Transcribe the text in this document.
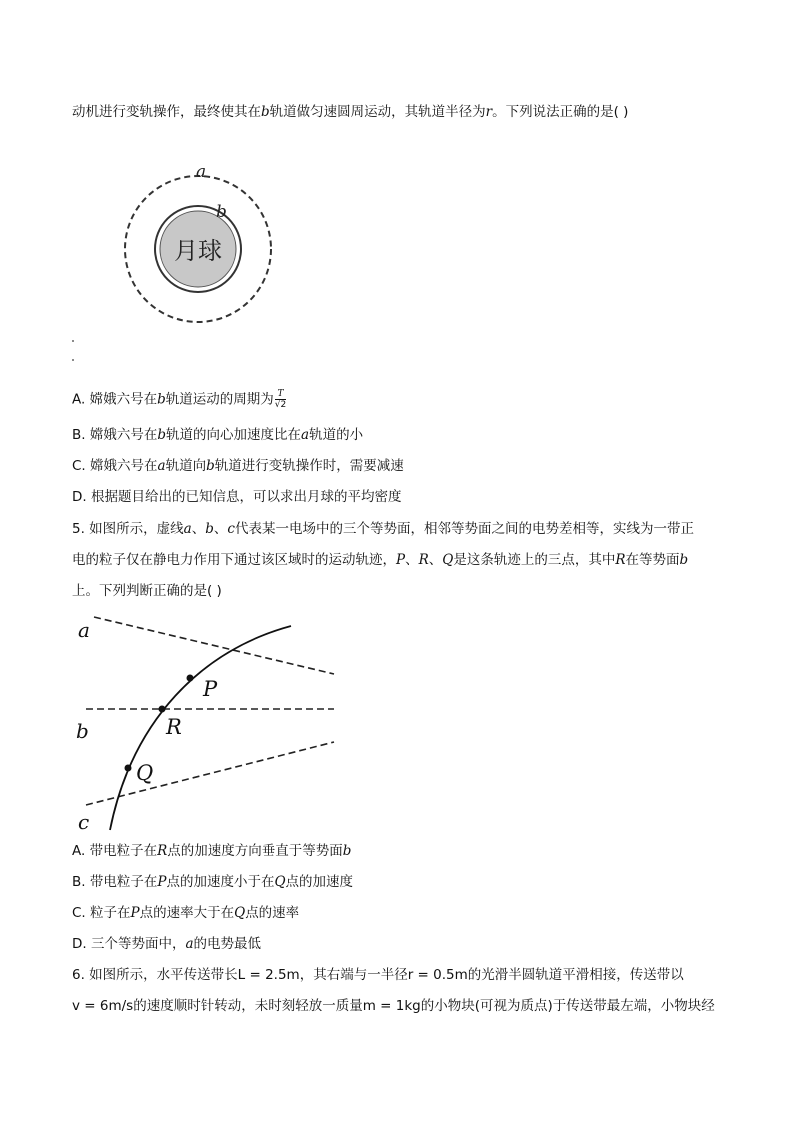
动机进行变轨操作，最终使其在b轨道做匀速圆周运动，其轨道半径为r。下列说法正确的是( )
月球
a
b
A. 嫦娥六号在b轨道运动的周期为 $\frac{T}{√2}$
B. 嫦娥六号在b轨道的向心加速度比在a轨道的小
C. 嫦娥六号在a轨道向b轨道进行变轨操作时，需要减速
D. 根据题目给出的已知信息，可以求出月球的平均密度
5. 如图所示，虚线a、b、c代表某一电场中的三个等势面，相邻等势面之间的电势差相等，实线为一带正
电的粒子仅在静电力作用下通过该区域时的运动轨迹，P、R、Q是这条轨迹上的三点，其中R在等势面b
上。下列判断正确的是( )
a
b
c
P
R
Q
A. 带电粒子在R点的加速度方向垂直于等势面b
B. 带电粒子在P点的加速度小于在Q点的加速度
C. 粒子在P点的速率大于在Q点的速率
D. 三个等势面中，a的电势最低
6. 如图所示，水平传送带长L = 2.5m，其右端与一半径r = 0.5m的光滑半圆轨道平滑相接，传送带以
v = 6m/s的速度顺时针转动，未时刻轻放一质量m = 1kg的小物块(可视为质点)于传送带最左端，小物块经
